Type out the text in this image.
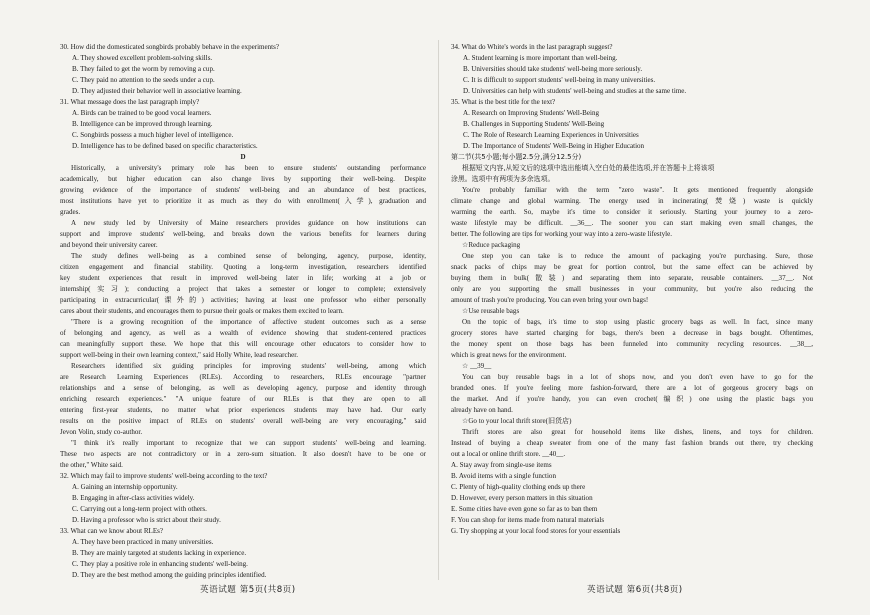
30. How did the domesticated songbirds probably behave in the experiments?
A. They showed excellent problem-solving skills.
B. They failed to get the worm by removing a cup.
C. They paid no attention to the seeds under a cup.
D. They adjusted their behavior well in associative learning.
31. What message does the last paragraph imply?
A. Birds can be trained to be good vocal learners.
B. Intelligence can be improved through learning.
C. Songbirds possess a much higher level of intelligence.
D. Intelligence has to be defined based on specific characteristics.
D
Historically, a university's primary role has been to ensure students' outstanding performance
academically, but higher education can also change lives by supporting their well-being. Despite
growing evidence of the importance of students' well-being and an abundance of best practices,
most institutions have yet to prioritize it as much as they do with enrollment(入学), graduation and
grades.
A new study led by University of Maine researchers provides guidance on how institutions can
support and improve students' well-being, and breaks down the various benefits for learners during
and beyond their university career.
The study defines well-being as a combined sense of belonging, agency, purpose, identity,
citizen engagement and financial stability. Quoting a long-term investigation, researchers identified
key student experiences that result in improved well-being later in life; working at a job or
internship(实习); conducting a project that takes a semester or longer to complete; extensively
participating in extracurricular(课外的) activities; having at least one professor who either personally
cares about their students, and encourages them to pursue their goals or makes them excited to learn.
"There is a growing recognition of the importance of affective student outcomes such as a sense
of belonging and agency, as well as a wealth of evidence showing that student-centered practices
can meaningfully support these. We hope that this will encourage other educators to consider how to
support well-being in their own learning context," said Holly White, lead researcher.
Researchers identified six guiding principles for improving students' well-being, among which
are Research Learning Experiences (RLEs). According to researchers, RLEs encourage "partner
relationships and a sense of belonging, as well as developing agency, purpose and identity through
enriching research experiences." "A unique feature of our RLEs is that they are open to all
entering first-year students, no matter what prior experiences students may have had. Our early
results on the positive impact of RLEs on students' overall well-being are very encouraging," said
Jevon Volin, study co-author.
"I think it's really important to recognize that we can support students' well-being and learning.
These two aspects are not contradictory or in a zero-sum situation. It also doesn't have to be one or
the other," White said.
32. Which may fail to improve students' well-being according to the text?
A. Gaining an internship opportunity.
B. Engaging in after-class activities widely.
C. Carrying out a long-term project with others.
D. Having a professor who is strict about their study.
33. What can we know about RLEs?
A. They have been practiced in many universities.
B. They are mainly targeted at students lacking in experience.
C. They play a positive role in enhancing students' well-being.
D. They are the best method among the guiding principles identified.
34. What do White's words in the last paragraph suggest?
A. Student learning is more important than well-being.
B. Universities should take students' well-being more seriously.
C. It is difficult to support students' well-being in many universities.
D. Universities can help with students' well-being and studies at the same time.
35. What is the best title for the text?
A. Research on Improving Students' Well-Being
B. Challenges in Supporting Students' Well-Being
C. The Role of Research Learning Experiences in Universities
D. The Importance of Students' Well-Being in Higher Education
第二节(共5小题;每小题2.5分,满分12.5分)
根据短文内容,从短文后的选项中选出能填入空白处的最佳选项,并在答题卡上将该项
涂黑。选项中有两项为多余选项。
You're probably familiar with the term "zero waste". It gets mentioned frequently alongside
climate change and global warming. The energy used in incinerating(焚烧) waste is quickly
warming the earth. So, maybe it's time to consider it seriously. Starting your journey to a zero-
waste lifestyle may be difficult. __36__. The sooner you can start making even small changes, the
better. The following are tips for working your way into a zero-waste lifestyle.
☆Reduce packaging
One step you can take is to reduce the amount of packaging you're purchasing. Sure, those
snack packs of chips may be great for portion control, but the same effect can be achieved by
buying them in bulk(散装) and separating them into separate, reusable containers. __37__. Not
only are you supporting the small businesses in your community, but you're also reducing the
amount of trash you're producing. You can even bring your own bags!
☆Use reusable bags
On the topic of bags, it's time to stop using plastic grocery bags as well. In fact, since many
grocery stores have started charging for bags, there's been a decrease in bags bought. Oftentimes,
the money spent on those bags has been funneled into community recycling resources. __38__,
which is great news for the environment.
☆ __39__
You can buy reusable bags in a lot of shops now, and you don't even have to go for the
branded ones. If you're feeling more fashion-forward, there are a lot of gorgeous grocery bags on
the market. And if you're handy, you can even crochet(编织) one using the plastic bags you
already have on hand.
☆Go to your local thrift store(旧货店)
Thrift stores are also great for household items like dishes, linens, and toys for children.
Instead of buying a cheap sweater from one of the many fast fashion brands out there, try checking
out a local or online thrift store. __40__.
A. Stay away from single-use items
B. Avoid items with a single function
C. Plenty of high-quality clothing ends up there
D. However, every person matters in this situation
E. Some cities have even gone so far as to ban them
F. You can shop for items made from natural materials
G. Try shopping at your local food stores for your essentials
英语试题 第5页(共8页)	英语试题 第6页(共8页)
